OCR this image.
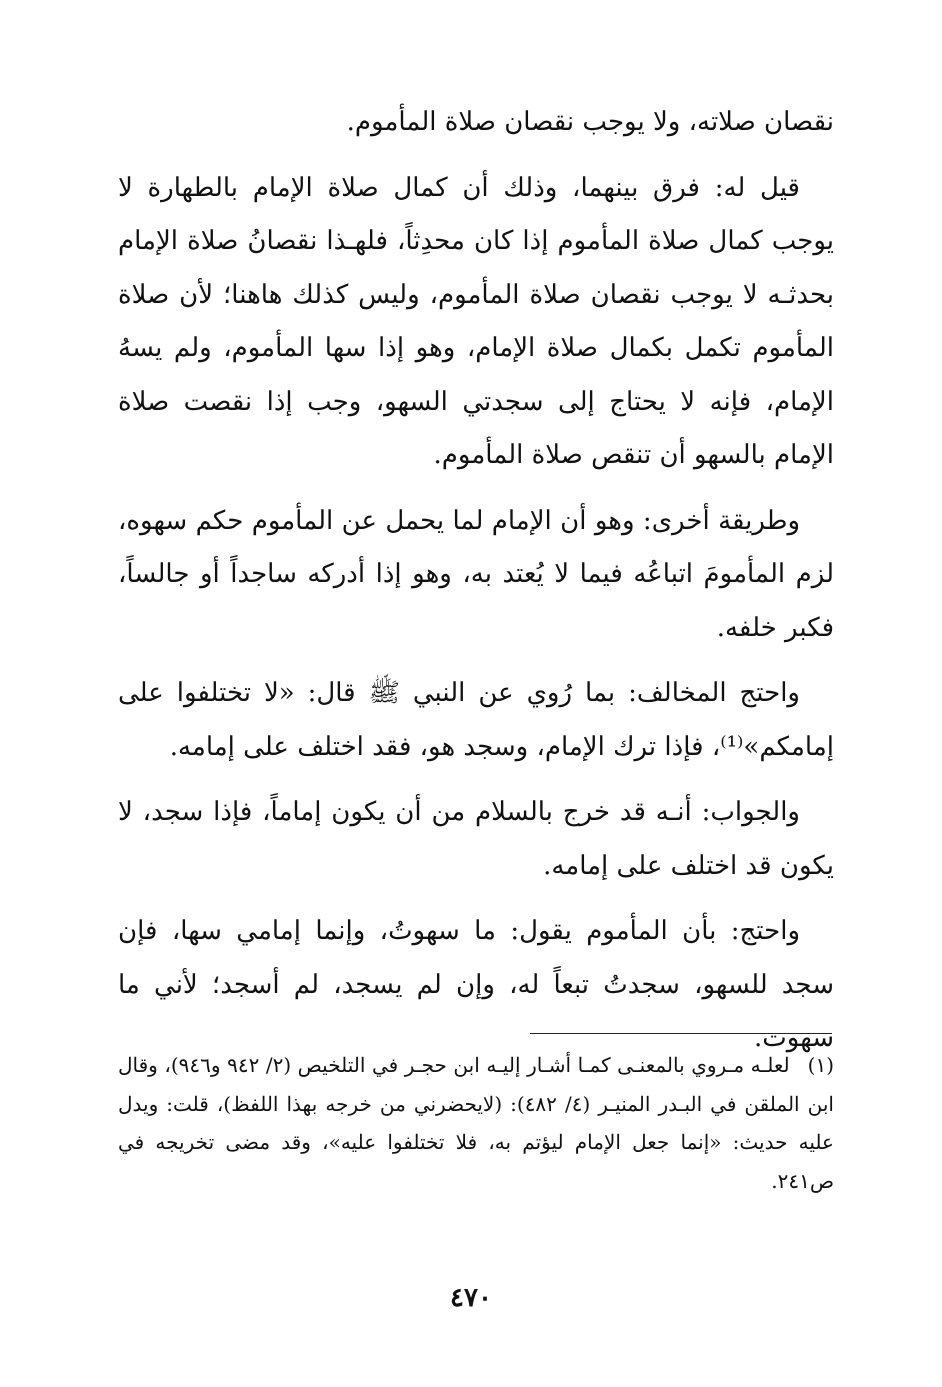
نقصان صلاته، ولا يوجب نقصان صلاة المأموم.

قيل له: فرق بينهما، وذلك أن كمال صلاة الإمام بالطهارة لا يوجب كمال صلاة المأموم إذا كان محدِثاً، فلهـذا نقصانُ صلاة الإمام بحدثـه لا يوجب نقصان صلاة المأموم، وليس كذلك هاهنا؛ لأن صلاة المأموم تكمل بكمال صلاة الإمام، وهو إذا سها المأموم، ولم يسهُ الإمام، فإنه لا يحتاج إلى سجدتي السهو، وجب إذا نقصت صلاة الإمام بالسهو أن تنقص صلاة المأموم.

وطريقة أخرى: وهو أن الإمام لما يحمل عن المأموم حكم سهوه، لزم المأمومَ اتباعُه فيما لا يُعتد به، وهو إذا أدركه ساجداً أو جالساً، فكبر خلفه.

واحتج المخالف: بما رُوي عن النبي ﷺ قال: «لا تختلفوا على إمامكم»⁽¹⁾، فإذا ترك الإمام، وسجد هو، فقد اختلف على إمامه.

والجواب: أنـه قد خرج بالسلام من أن يكون إماماً، فإذا سجد، لا يكون قد اختلف على إمامه.

واحتج: بأن المأموم يقول: ما سهوتُ، وإنما إمامي سها، فإن سجد للسهو، سجدتُ تبعاً له، وإن لم يسجد، لم أسجد؛ لأني ما سهوت.

(١)لعلـه مـروي بالمعنـى كمـا أشـار إليـه ابن حجـر في التلخيص (٢/ ٩٤٢ و٩٤٦)، وقال ابن الملقن في البـدر المنيـر (٤/ ٤٨٢): (لايحضرني من خرجه بهذا اللفظ)، قلت: ويدل عليه حديث: «إنما جعل الإمام ليؤتم به، فلا تختلفوا عليه»، وقد مضى تخريجه في ص٢٤١.
٤٧٠
